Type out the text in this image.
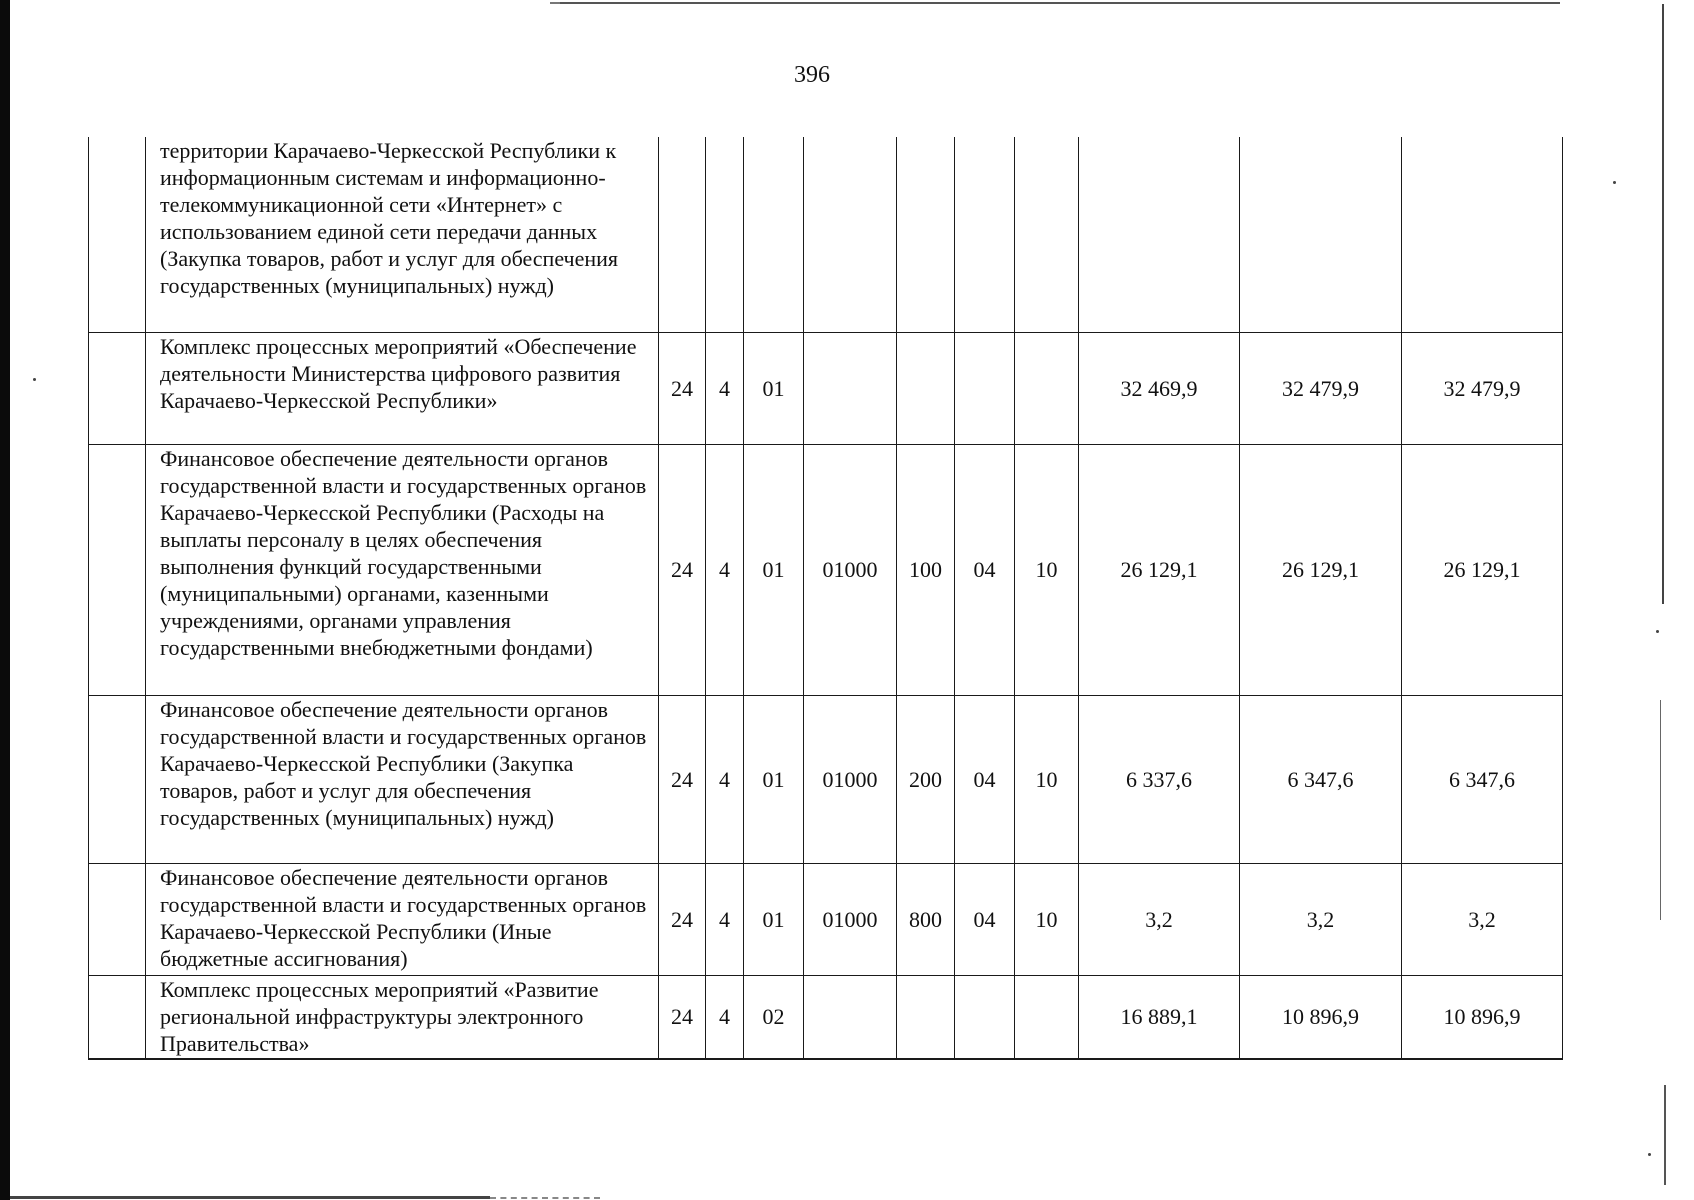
396
	территории Карачаево-Черкесской Республики к информационным системам и информационно-телекоммуникационной сети «Интернет» с использованием единой сети передачи данных (Закупка товаров, работ и услуг для обеспечения государственных (муниципальных) нужд)										
	Комплекс процессных мероприятий «Обеспечение деятельности Министерства цифрового развития Карачаево-Черкесской Республики»	24	4	01					32 469,9	32 479,9	32 479,9
	Финансовое обеспечение деятельности органов государственной власти и государственных органов Карачаево-Черкесской Республики (Расходы на выплаты персоналу в целях обеспечения выполнения функций государственными (муниципальными) органами, казенными учреждениями, органами управления государственными внебюджетными фондами)	24	4	01	01000	100	04	10	26 129,1	26 129,1	26 129,1
	Финансовое обеспечение деятельности органов государственной власти и государственных органов Карачаево-Черкесской Республики (Закупка товаров, работ и услуг для обеспечения государственных (муниципальных) нужд)	24	4	01	01000	200	04	10	6 337,6	6 347,6	6 347,6
	Финансовое обеспечение деятельности органов государственной власти и государственных органов Карачаево-Черкесской Республики (Иные бюджетные ассигнования)	24	4	01	01000	800	04	10	3,2	3,2	3,2
	Комплекс процессных мероприятий «Развитие региональной инфраструктуры электронного Правительства»	24	4	02					16 889,1	10 896,9	10 896,9
